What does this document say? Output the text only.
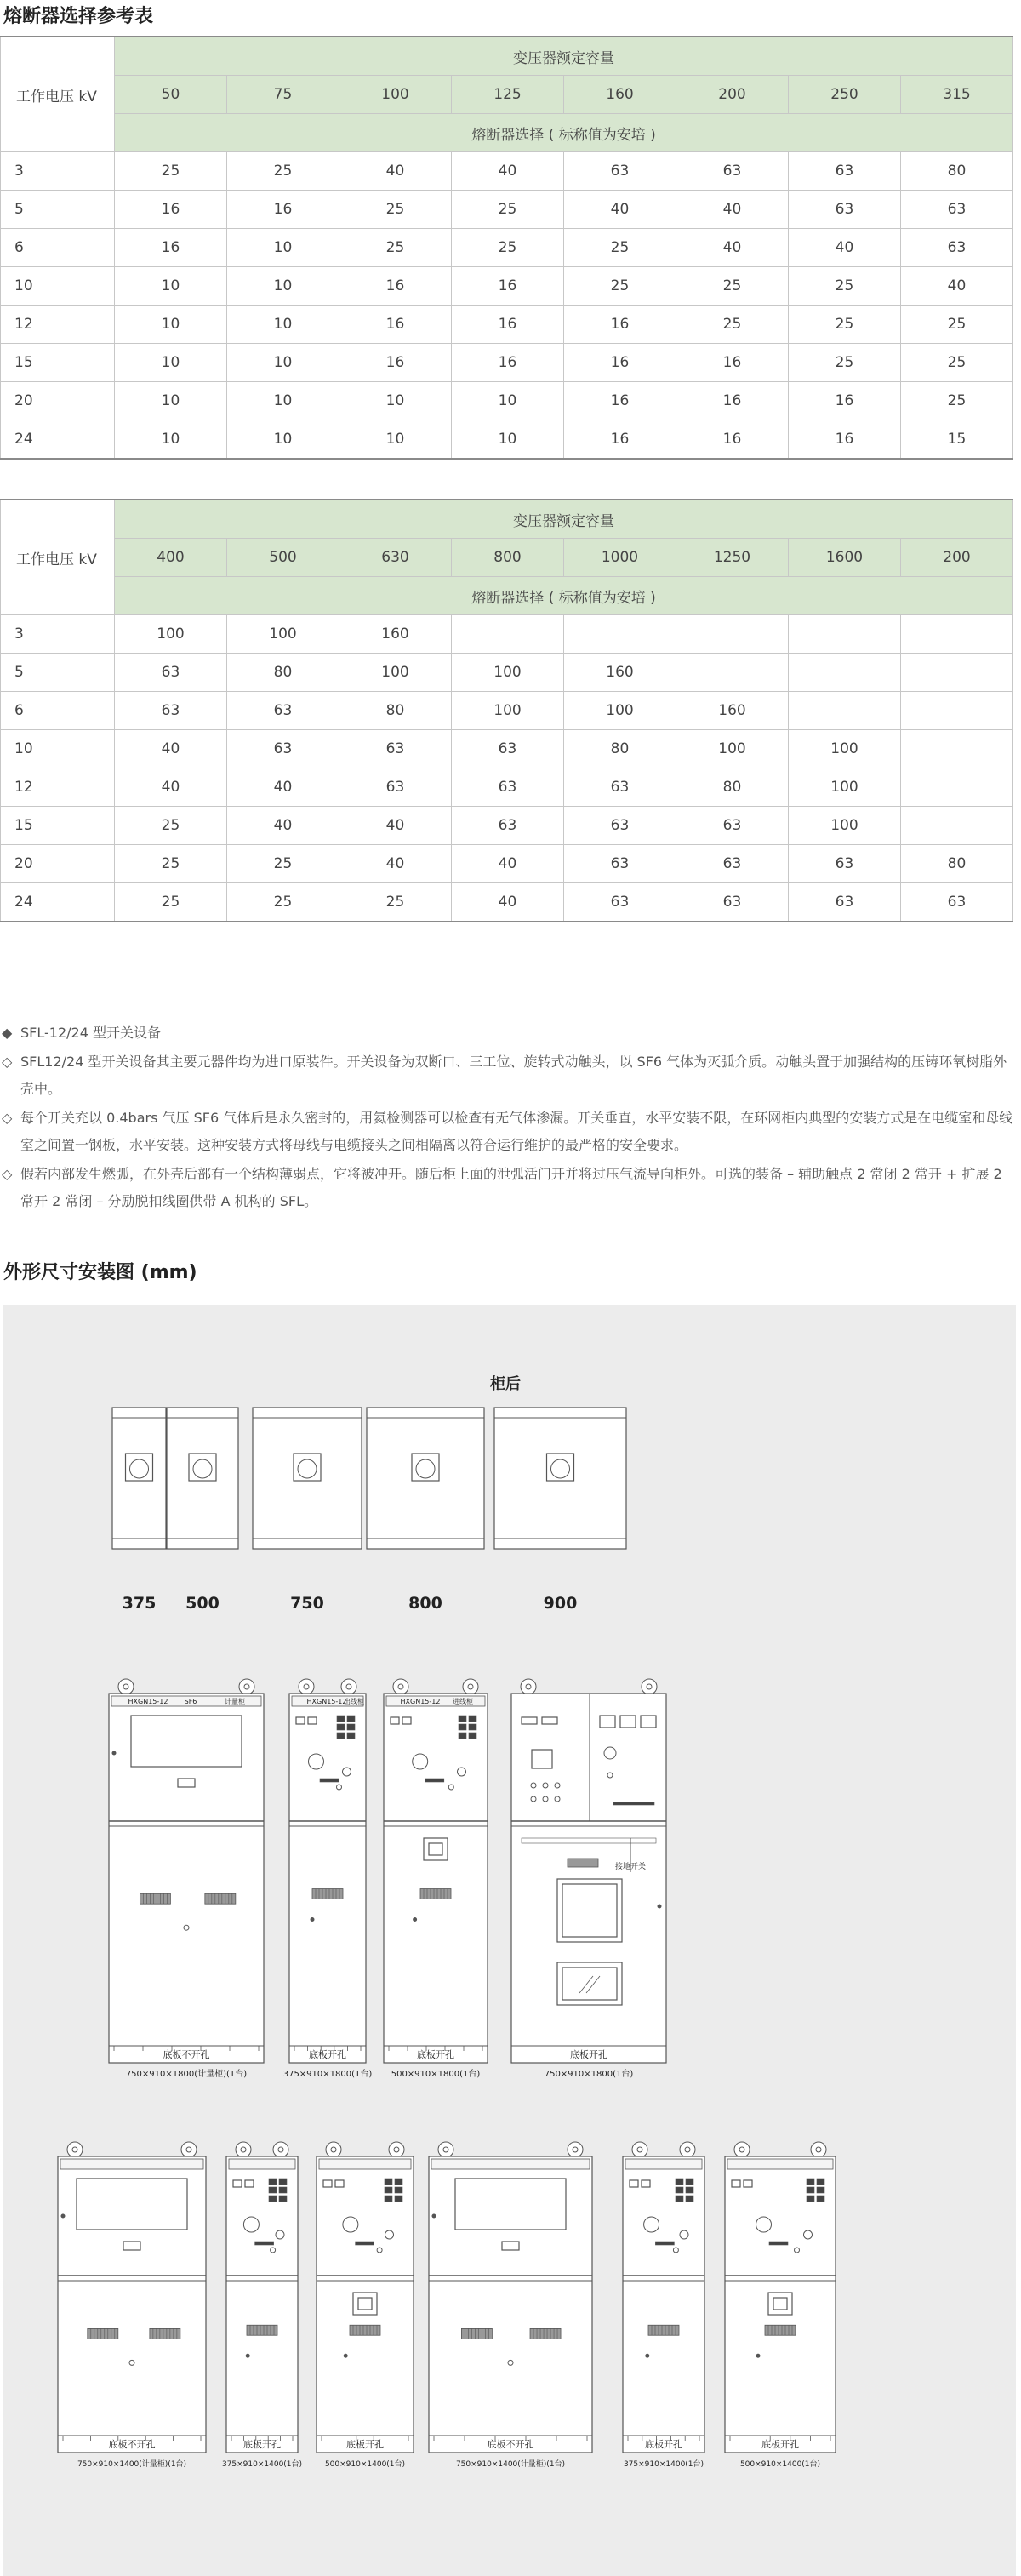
熔断器选择参考表
工作电压 kV	变压器额定容量							
	50	75	100	125	160	200	250	315
	熔断器选择 ( 标称值为安培 )							
3	25	25	40	40	63	63	63	80
5	16	16	25	25	40	40	63	63
6	16	10	25	25	25	40	40	63
10	10	10	16	16	25	25	25	40
12	10	10	16	16	16	25	25	25
15	10	10	16	16	16	16	25	25
20	10	10	10	10	16	16	16	25
24	10	10	10	10	16	16	16	15
工作电压 kV	变压器额定容量							
	400	500	630	800	1000	1250	1600	200
	熔断器选择 ( 标称值为安培 )							
3	100	100	160					
5	63	80	100	100	160			
6	63	63	80	100	100	160		
10	40	63	63	63	80	100	100	
12	40	40	63	63	63	80	100	
15	25	40	40	63	63	63	100	
20	25	25	40	40	63	63	63	80
24	25	25	25	40	63	63	63	63
◆ SFL-12/24 型开关设备
◇ SFL12/24 型开关设备其主要元器件均为进口原装件。开关设备为双断口、三工位、旋转式动触头，以 SF6 气体为灭弧介质。动触头置于加强结构的压铸环氧树脂外壳中。
◇ 每个开关充以 0.4bars 气压 SF6 气体后是永久密封的，用氦检测器可以检查有无气体渗漏。开关垂直，水平安装不限，在环网柜内典型的安装方式是在电缆室和母线室之间置一钢板，水平安装。这种安装方式将母线与电缆接头之间相隔离以符合运行维护的最严格的安全要求。
◇ 假若内部发生燃弧，在外壳后部有一个结构薄弱点，它将被冲开。随后柜上面的泄弧活门开并将过压气流导向柜外。可选的装备 – 辅助触点 2 常闭 2 常开 + 扩展 2 常开 2 常闭 – 分励脱扣线圈供带 A 机构的 SFL。
外形尺寸安装图 (mm)
柜后
375 500	750	800	900
底板不开孔	底板开孔	底板开孔
接地开关
底板开孔
750×910×1800(计量柜)(1台)	375×910×1800(1台) 500×910×1800(1台)	750×910×1800(1台)
HXGN15-12 SF6	计量柜	HXGN15-12
出线柜	HXGN15-12 进线柜
底板不开孔	底板开孔	底板开孔	底板不开孔	底板开孔	底板开孔
750×910×1400(计量柜)(1台)	375×910×1400(1台)	500×910×1400(1台)	750×910×1400(计量柜)(1台)	375×910×1400(1台)	500×910×1400(1台)
